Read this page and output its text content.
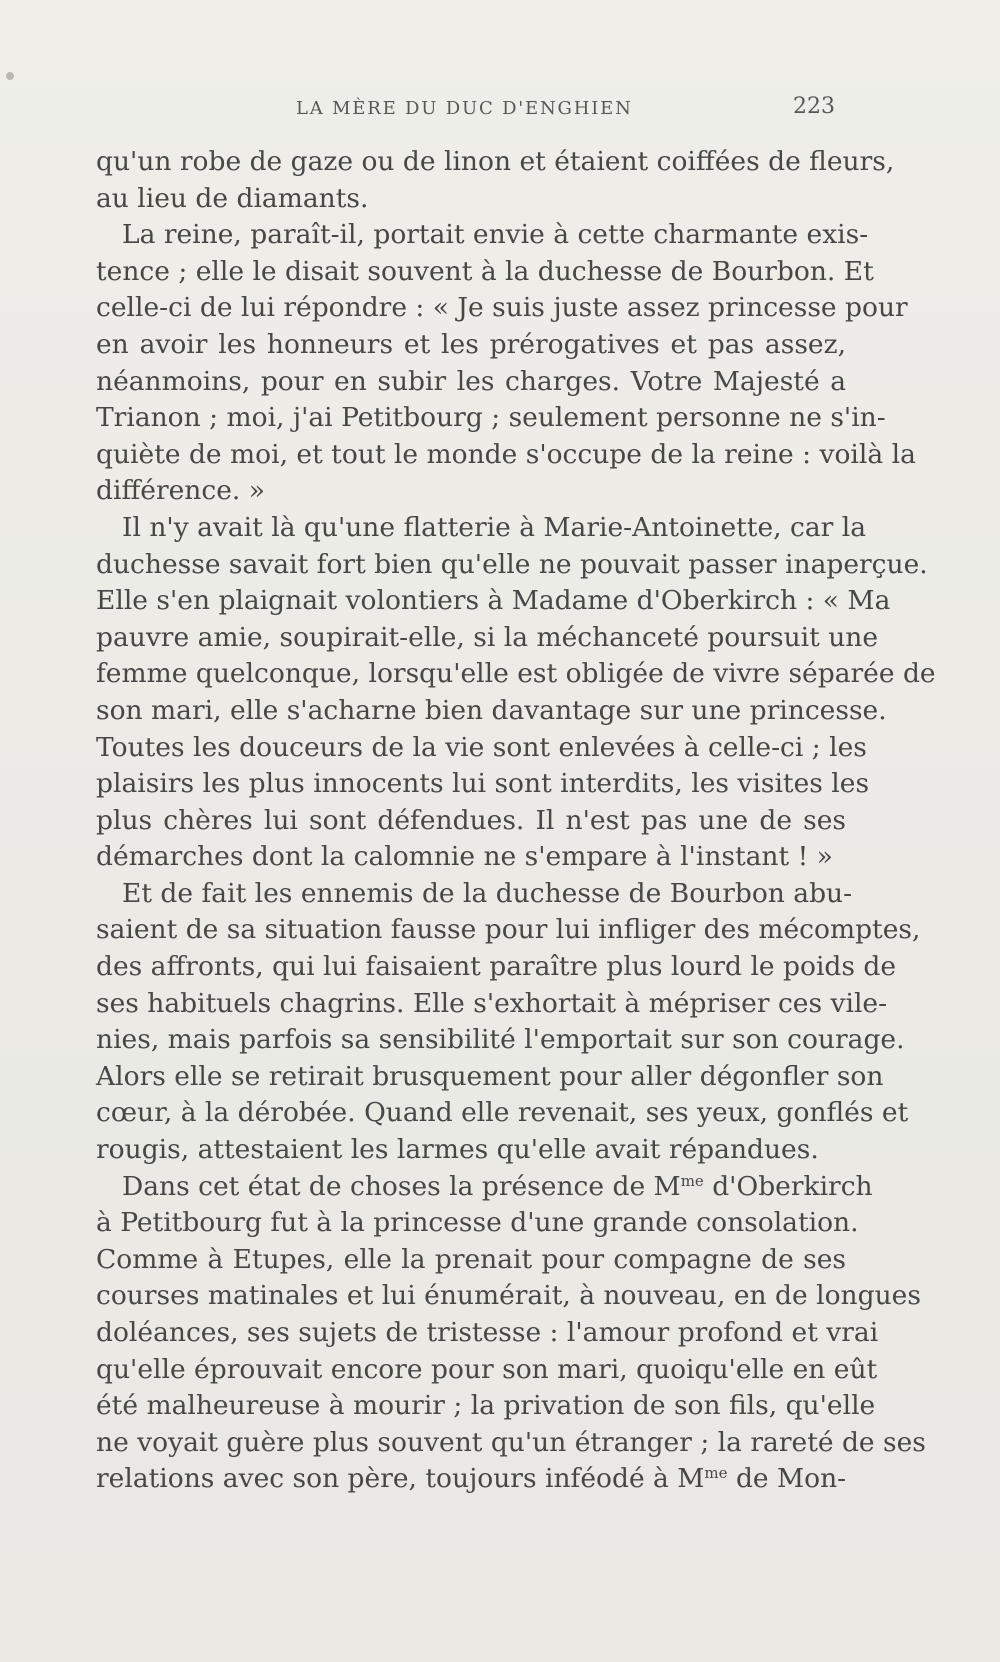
LA MÈRE DU DUC D'ENGHIEN	223
qu'un robe de gaze ou de linon et étaient coiffées de fleurs,
au lieu de diamants.
La reine, paraît-il, portait envie à cette charmante exis-
tence ; elle le disait souvent à la duchesse de Bourbon. Et
celle-ci de lui répondre : « Je suis juste assez princesse pour
en avoir les honneurs et les prérogatives et pas assez,
néanmoins, pour en subir les charges. Votre Majesté a
Trianon ; moi, j'ai Petitbourg ; seulement personne ne s'in-
quiète de moi, et tout le monde s'occupe de la reine : voilà la
différence. »
Il n'y avait là qu'une flatterie à Marie-Antoinette, car la
duchesse savait fort bien qu'elle ne pouvait passer inaperçue.
Elle s'en plaignait volontiers à Madame d'Oberkirch : « Ma
pauvre amie, soupirait-elle, si la méchanceté poursuit une
femme quelconque, lorsqu'elle est obligée de vivre séparée de
son mari, elle s'acharne bien davantage sur une princesse.
Toutes les douceurs de la vie sont enlevées à celle-ci ; les
plaisirs les plus innocents lui sont interdits, les visites les
plus chères lui sont défendues. Il n'est pas une de ses
démarches dont la calomnie ne s'empare à l'instant ! »
Et de fait les ennemis de la duchesse de Bourbon abu-
saient de sa situation fausse pour lui infliger des mécomptes,
des affronts, qui lui faisaient paraître plus lourd le poids de
ses habituels chagrins. Elle s'exhortait à mépriser ces vile-
nies, mais parfois sa sensibilité l'emportait sur son courage.
Alors elle se retirait brusquement pour aller dégonfler son
cœur, à la dérobée. Quand elle revenait, ses yeux, gonflés et
rougis, attestaient les larmes qu'elle avait répandues.
Dans cet état de choses la présence de $M^{me}$ d'Oberkirch
à Petitbourg fut à la princesse d'une grande consolation.
Comme à Etupes, elle la prenait pour compagne de ses
courses matinales et lui énumérait, à nouveau, en de longues
doléances, ses sujets de tristesse : l'amour profond et vrai
qu'elle éprouvait encore pour son mari, quoiqu'elle en eût
été malheureuse à mourir ; la privation de son fils, qu'elle
ne voyait guère plus souvent qu'un étranger ; la rareté de ses
relations avec son père, toujours inféodé à $M^{me}$ de Mon-
